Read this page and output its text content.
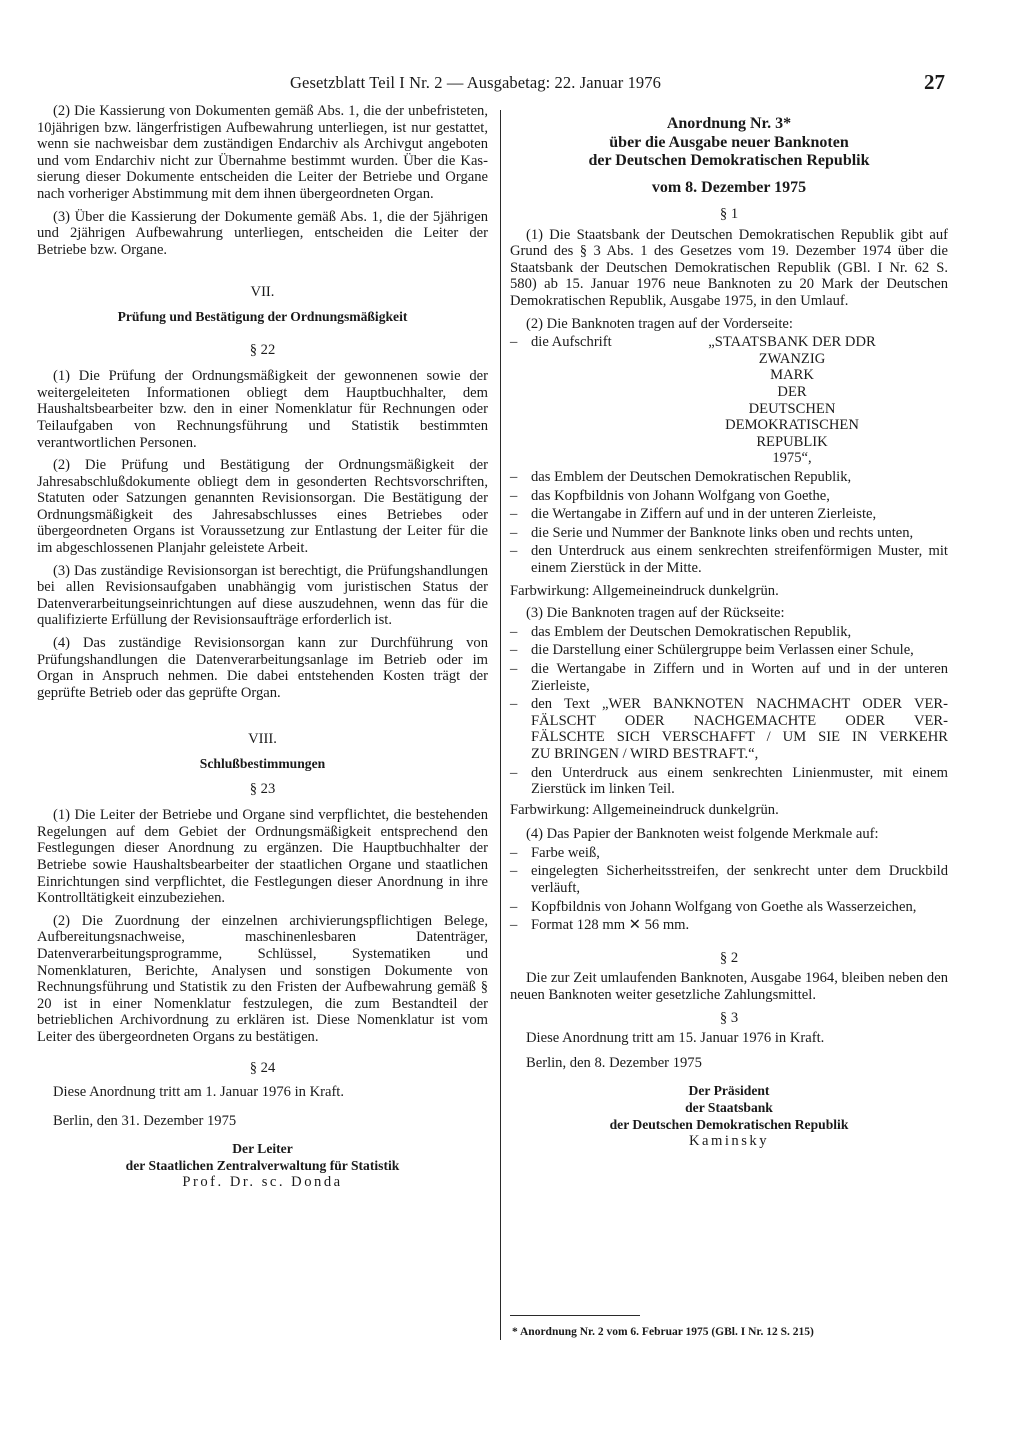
Gesetzblatt Teil I Nr. 2 — Ausgabetag: 22. Januar 1976	27

(2) Die Kassierung von Dokumenten gemäß Abs. 1, die der unbefristeten, 10jährigen bzw. längerfristigen Aufbewahrung unterliegen, ist nur gestattet, wenn sie nachweisbar dem zuständigen Endarchiv als Archivgut angeboten und vom Endarchiv nicht zur Übernahme bestimmt wurden. Über die Kassierung dieser Dokumente entscheiden die Leiter der Betriebe und Organe nach vorheriger Abstimmung mit dem ihnen übergeordneten Organ.

(3) Über die Kassierung der Dokumente gemäß Abs. 1, die der 5jährigen und 2jährigen Aufbewahrung unterliegen, entscheiden die Leiter der Betriebe bzw. Organe.

VII.

Prüfung und Bestätigung der Ordnungsmäßigkeit

§ 22

(1) Die Prüfung der Ordnungsmäßigkeit der gewonnenen sowie der weitergeleiteten Informationen obliegt dem Hauptbuchhalter, dem Haushaltsbearbeiter bzw. den in einer Nomenklatur für Rechnungen oder Teilaufgaben von Rechnungsführung und Statistik bestimmten verantwortlichen Personen.

(2) Die Prüfung und Bestätigung der Ordnungsmäßigkeit der Jahresabschlußdokumente obliegt dem in gesonderten Rechtsvorschriften, Statuten oder Satzungen genannten Revisionsorgan. Die Bestätigung der Ordnungsmäßigkeit des Jahresabschlusses eines Betriebes oder übergeordneten Organs ist Voraussetzung zur Entlastung der Leiter für die im abgeschlossenen Planjahr geleistete Arbeit.

(3) Das zuständige Revisionsorgan ist berechtigt, die Prüfungshandlungen bei allen Revisionsaufgaben unabhängig vom juristischen Status der Datenverarbeitungseinrichtungen auf diese auszudehnen, wenn das für die qualifizierte Erfüllung der Revisionsaufträge erforderlich ist.

(4) Das zuständige Revisionsorgan kann zur Durchführung von Prüfungshandlungen die Datenverarbeitungsanlage im Betrieb oder im Organ in Anspruch nehmen. Die dabei entstehenden Kosten trägt der geprüfte Betrieb oder das geprüfte Organ.

VIII.

Schlußbestimmungen

§ 23

(1) Die Leiter der Betriebe und Organe sind verpflichtet, die bestehenden Regelungen auf dem Gebiet der Ordnungsmäßigkeit entsprechend den Festlegungen dieser Anordnung zu ergänzen. Die Hauptbuchhalter der Betriebe sowie Haushaltsbearbeiter der staatlichen Organe und staatlichen Einrichtungen sind verpflichtet, die Festlegungen dieser Anordnung in ihre Kontrolltätigkeit einzubeziehen.

(2) Die Zuordnung der einzelnen archivierungspflichtigen Belege, Aufbereitungsnachweise, maschinenlesbaren Datenträger, Datenverarbeitungsprogramme, Schlüssel, Systematiken und Nomenklaturen, Berichte, Analysen und sonstigen Dokumente von Rechnungsführung und Statistik zu den Fristen der Aufbewahrung gemäß § 20 ist in einer Nomenklatur festzulegen, die zum Bestandteil der betrieblichen Archivordnung zu erklären ist. Diese Nomenklatur ist vom Leiter des übergeordneten Organs zu bestätigen.

§ 24

Diese Anordnung tritt am 1. Januar 1976 in Kraft.

Berlin, den 31. Dezember 1975

Der Leiter

der Staatlichen Zentralverwaltung für Statistik

Prof. Dr. sc. Donda

Anordnung Nr. 3*

über die Ausgabe neuer Banknoten

der Deutschen Demokratischen Republik

vom 8. Dezember 1975

§ 1

(1) Die Staatsbank der Deutschen Demokratischen Republik gibt auf Grund des § 3 Abs. 1 des Gesetzes vom 19. Dezember 1974 über die Staatsbank der Deutschen Demokratischen Republik (GBl. I Nr. 62 S. 580) ab 15. Januar 1976 neue Banknoten zu 20 Mark der Deutschen Demokratischen Republik, Ausgabe 1975, in den Umlauf.

(2) Die Banknoten tragen auf der Vorderseite:

– die Aufschrift	„STAATSBANK DER DDR
ZWANZIG
MARK
DER
DEUTSCHEN
DEMOKRATISCHEN
REPUBLIK
1975“,
– das Emblem der Deutschen Demokratischen Republik,
– das Kopfbildnis von Johann Wolfgang von Goethe,
– die Wertangabe in Ziffern auf und in der unteren Zierleiste,
– die Serie und Nummer der Banknote links oben und rechts unten,
– den Unterdruck aus einem senkrechten streifenförmigen Muster, mit einem Zierstück in der Mitte.

Farbwirkung: Allgemeineindruck dunkelgrün.

(3) Die Banknoten tragen auf der Rückseite:

– das Emblem der Deutschen Demokratischen Republik,
– die Darstellung einer Schülergruppe beim Verlassen einer Schule,
– die Wertangabe in Ziffern und in Worten auf und in der unteren Zierleiste,
– den Text „WER BANKNOTEN NACHMACHT ODER VER-
FÄLSCHT ODER NACHGEMACHTE ODER VER-
FÄLSCHTE SICH VERSCHAFFT / UM SIE IN VERKEHR
ZU BRINGEN / WIRD BESTRAFT.“,
– den Unterdruck aus einem senkrechten Linienmuster, mit einem Zierstück im linken Teil.

Farbwirkung: Allgemeineindruck dunkelgrün.

(4) Das Papier der Banknoten weist folgende Merkmale auf:

– Farbe weiß,
– eingelegten Sicherheitsstreifen, der senkrecht unter dem Druckbild verläuft,
– Kopfbildnis von Johann Wolfgang von Goethe als Wasserzeichen,
– Format 128 mm ✕ 56 mm.

§ 2

Die zur Zeit umlaufenden Banknoten, Ausgabe 1964, bleiben neben den neuen Banknoten weiter gesetzliche Zahlungsmittel.

§ 3

Diese Anordnung tritt am 15. Januar 1976 in Kraft.

Berlin, den 8. Dezember 1975

Der Präsident

der Staatsbank

der Deutschen Demokratischen Republik

Kaminsky

* Anordnung Nr. 2 vom 6. Februar 1975 (GBl. I Nr. 12 S. 215)
